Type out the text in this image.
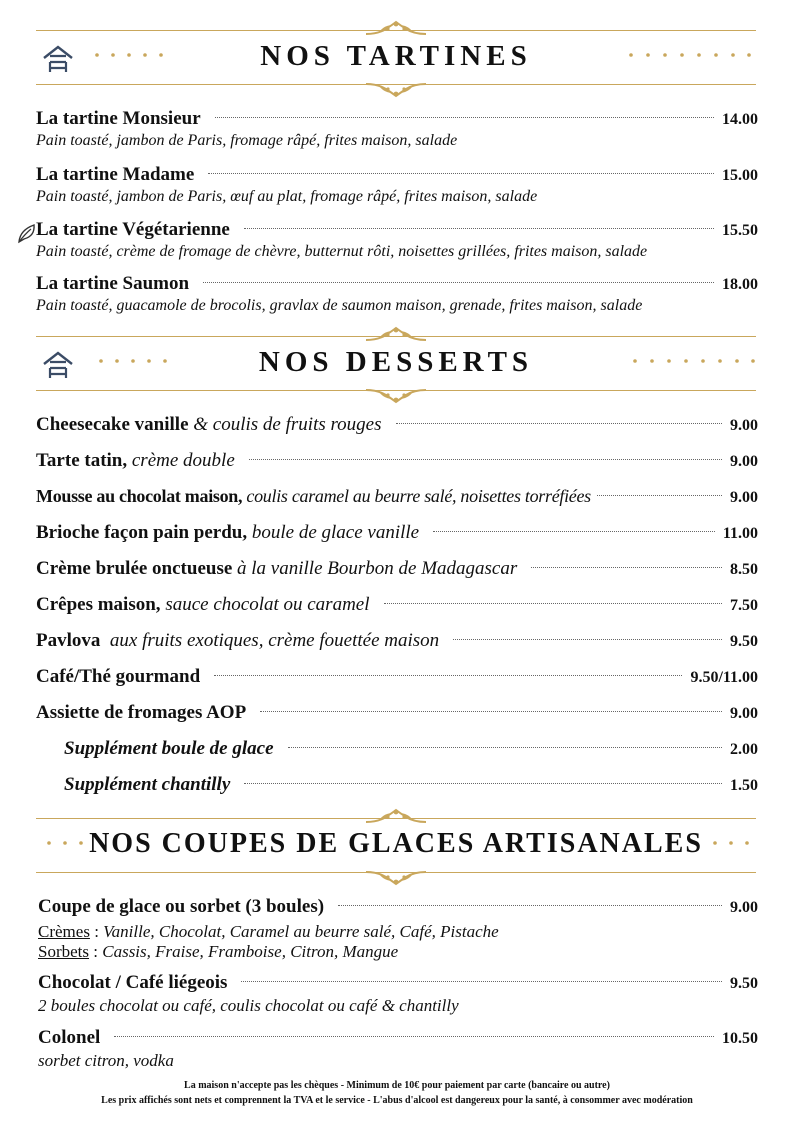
NOS TARTINES
La tartine Monsieur	14.00
Pain toasté, jambon de Paris, fromage râpé, frites maison, salade
La tartine Madame	15.00
Pain toasté, jambon de Paris, œuf au plat, fromage râpé, frites maison, salade
La tartine Végétarienne	15.50
Pain toasté, crème de fromage de chèvre, butternut rôti, noisettes grillées, frites maison, salade
La tartine Saumon	18.00
Pain toasté, guacamole de brocolis, gravlax de saumon maison, grenade, frites maison, salade
NOS DESSERTS
Cheesecake vanille & coulis de fruits rouges	9.00
Tarte tatin, crème double	9.00
Mousse au chocolat maison, coulis caramel au beurre salé, noisettes torréfiées	9.00
Brioche façon pain perdu, boule de glace vanille	11.00
Crème brulée onctueuse à la vanille Bourbon de Madagascar	8.50
Crêpes maison, sauce chocolat ou caramel	7.50
Pavlova  aux fruits exotiques, crème fouettée maison	9.50
Café/Thé gourmand	9.50/11.00
Assiette de fromages AOP	9.00
Supplément boule de glace	2.00
Supplément chantilly	1.50
NOS COUPES DE GLACES ARTISANALES
Coupe de glace ou sorbet (3 boules)	9.00
Crèmes : Vanille, Chocolat, Caramel au beurre salé, Café, Pistache
Sorbets : Cassis, Fraise, Framboise, Citron, Mangue
Chocolat / Café liégeois	9.50
2 boules chocolat ou café, coulis chocolat ou café & chantilly
Colonel	10.50
sorbet citron, vodka
La maison n'accepte pas les chèques - Minimum de 10€ pour paiement par carte (bancaire ou autre)
Les prix affichés sont nets et comprennent la TVA et le service - L'abus d'alcool est dangereux pour la santé, à consommer avec modération
